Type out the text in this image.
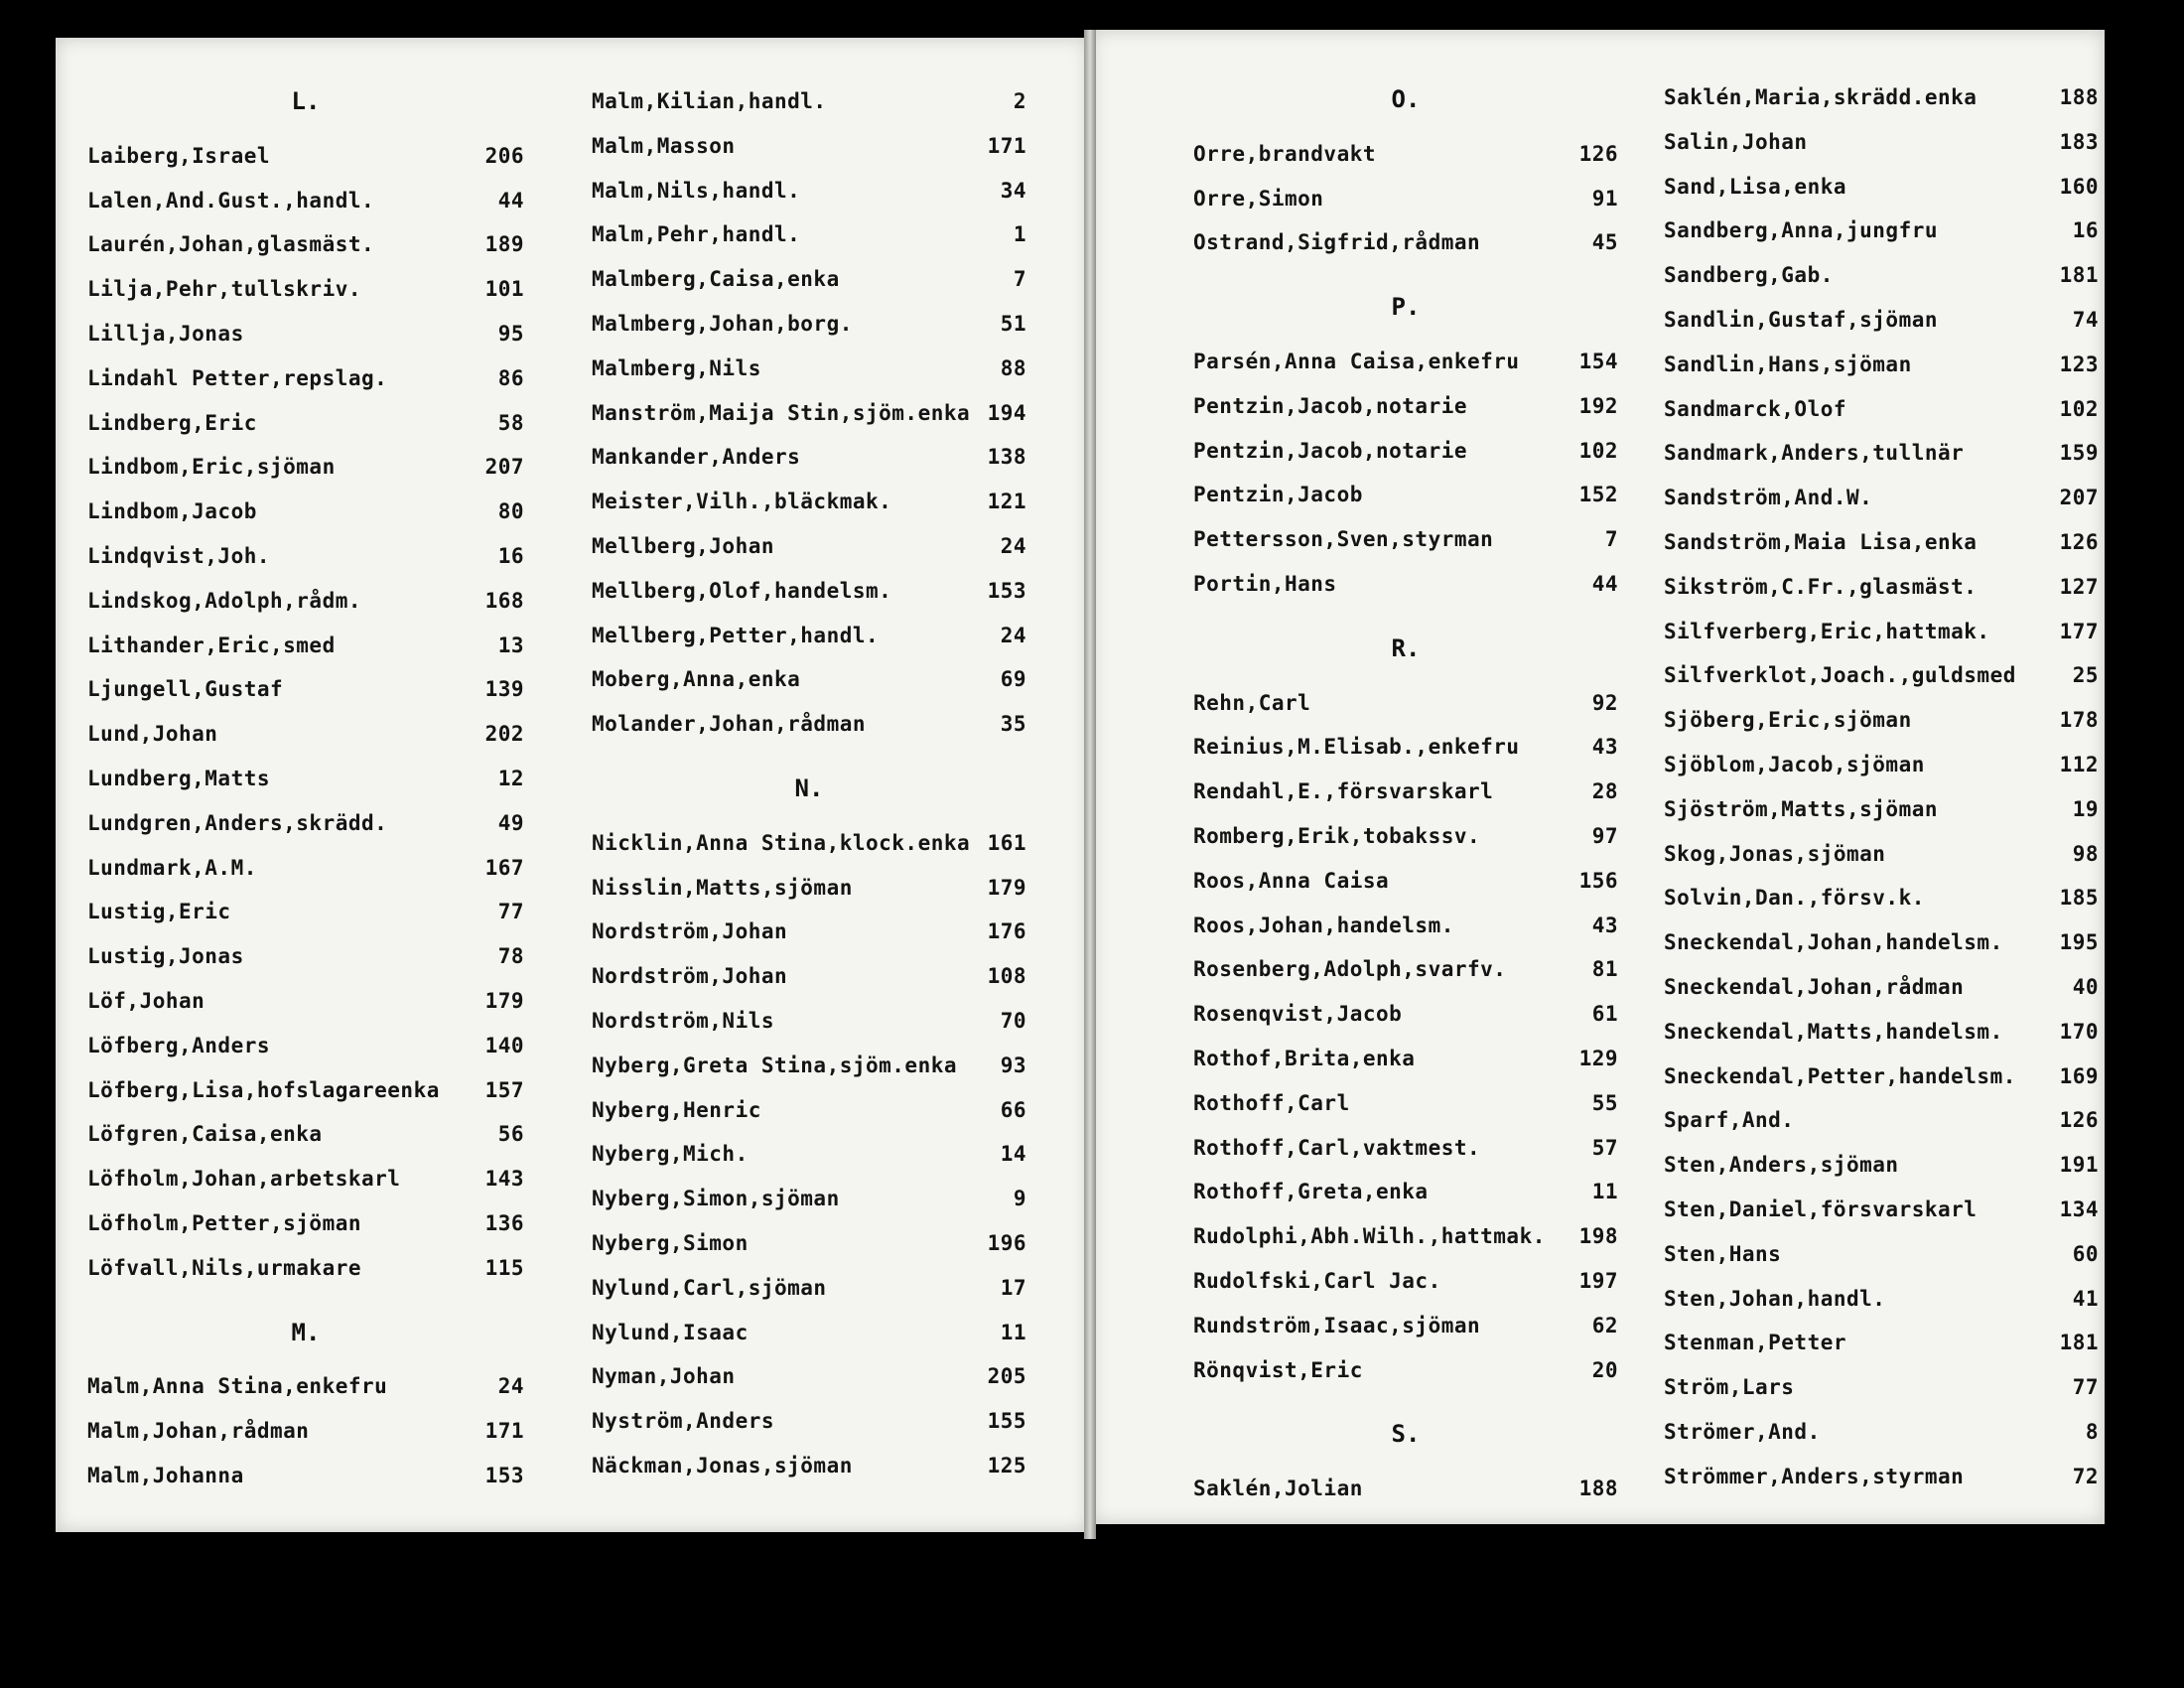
L.
Laiberg,Israel	206
Lalen,And.Gust.,handl.	44
Laurén,Johan,glasmäst.	189
Lilja,Pehr,tullskriv.	101
Lillja,Jonas	95
Lindahl Petter,repslag.	86
Lindberg,Eric	58
Lindbom,Eric,sjöman	207
Lindbom,Jacob	80
Lindqvist,Joh.	16
Lindskog,Adolph,rådm.	168
Lithander,Eric,smed	13
Ljungell,Gustaf	139
Lund,Johan	202
Lundberg,Matts	12
Lundgren,Anders,skrädd.	49
Lundmark,A.M.	167
Lustig,Eric	77
Lustig,Jonas	78
Löf,Johan	179
Löfberg,Anders	140
Löfberg,Lisa,hofslagareenka 157
Löfgren,Caisa,enka	56
Löfholm,Johan,arbetskarl	143
Löfholm,Petter,sjöman	136
Löfvall,Nils,urmakare	115
M.
Malm,Anna Stina,enkefru	24
Malm,Johan,rådman	171
Malm,Johanna	153
Malm,Kilian,handl.	2
Malm,Masson	171
Malm,Nils,handl.	34
Malm,Pehr,handl.	1
Malmberg,Caisa,enka	7
Malmberg,Johan,borg.	51
Malmberg,Nils	88
Manström,Maija Stin,sjöm.enka 194
Mankander,Anders	138
Meister,Vilh.,bläckmak.	121
Mellberg,Johan	24
Mellberg,Olof,handelsm.	153
Mellberg,Petter,handl.	24
Moberg,Anna,enka	69
Molander,Johan,rådman	35
N.
Nicklin,Anna Stina,klock.enka 161
Nisslin,Matts,sjöman	179
Nordström,Johan	176
Nordström,Johan	108
Nordström,Nils	70
Nyberg,Greta Stina,sjöm.enka 93
Nyberg,Henric	66
Nyberg,Mich.	14
Nyberg,Simon,sjöman	9
Nyberg,Simon	196
Nylund,Carl,sjöman	17
Nylund,Isaac	11
Nyman,Johan	205
Nyström,Anders	155
Näckman,Jonas,sjöman	125
O.
Orre,brandvakt	126
Orre,Simon	91
Ostrand,Sigfrid,rådman	45
P.
Parsén,Anna Caisa,enkefru	154
Pentzin,Jacob,notarie	192
Pentzin,Jacob,notarie	102
Pentzin,Jacob	152
Pettersson,Sven,styrman	7
Portin,Hans	44
R.
Rehn,Carl	92
Reinius,M.Elisab.,enkefru	43
Rendahl,E.,försvarskarl	28
Romberg,Erik,tobakssv.	97
Roos,Anna Caisa	156
Roos,Johan,handelsm.	43
Rosenberg,Adolph,svarfv.	81
Rosenqvist,Jacob	61
Rothof,Brita,enka	129
Rothoff,Carl	55
Rothoff,Carl,vaktmest.	57
Rothoff,Greta,enka	11
Rudolphi,Abh.Wilh.,hattmak. 198
Rudolfski,Carl Jac.	197
Rundström,Isaac,sjöman	62
Rönqvist,Eric	20
S.
Saklén,Jolian	188
Saklén,Maria,skrädd.enka	188
Salin,Johan	183
Sand,Lisa,enka	160
Sandberg,Anna,jungfru	16
Sandberg,Gab.	181
Sandlin,Gustaf,sjöman	74
Sandlin,Hans,sjöman	123
Sandmarck,Olof	102
Sandmark,Anders,tullnär	159
Sandström,And.W.	207
Sandström,Maia Lisa,enka	126
Sikström,C.Fr.,glasmäst.	127
Silfverberg,Eric,hattmak.	177
Silfverklot,Joach.,guldsmed	25
Sjöberg,Eric,sjöman	178
Sjöblom,Jacob,sjöman	112
Sjöström,Matts,sjöman	19
Skog,Jonas,sjöman	98
Solvin,Dan.,försv.k.	185
Sneckendal,Johan,handelsm.	195
Sneckendal,Johan,rådman	40
Sneckendal,Matts,handelsm.	170
Sneckendal,Petter,handelsm. 169
Sparf,And.	126
Sten,Anders,sjöman	191
Sten,Daniel,försvarskarl	134
Sten,Hans	60
Sten,Johan,handl.	41
Stenman,Petter	181
Ström,Lars	77
Strömer,And.	8
Strömmer,Anders,styrman	72
